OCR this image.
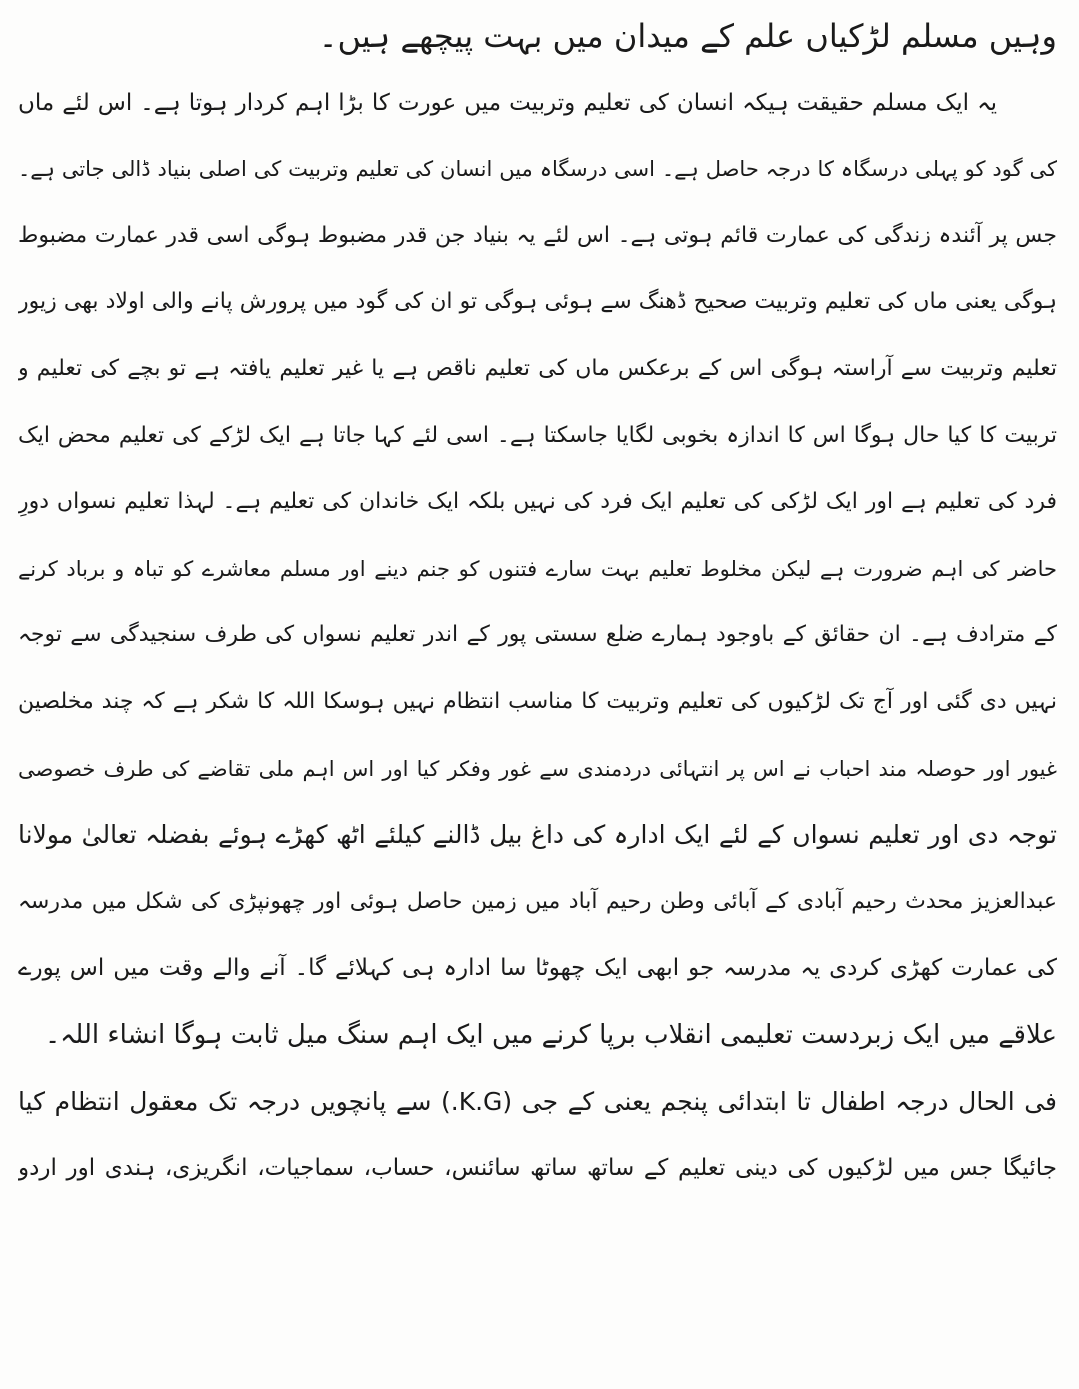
وہیں مسلم لڑکیاں علم کے میدان میں بہت پیچھے ہیں۔
یہ ایک مسلم حقیقت ہیکہ انسان کی تعلیم وتربیت میں عورت کا بڑا اہم کردار ہوتا ہے۔ اس لئے ماں
کی گود کو پہلی درسگاہ کا درجہ حاصل ہے۔ اسی درسگاہ میں انسان کی تعلیم وتربیت کی اصلی بنیاد ڈالی جاتی ہے۔
جس پر آئندہ زندگی کی عمارت قائم ہوتی ہے۔ اس لئے یہ بنیاد جن قدر مضبوط ہوگی اسی قدر عمارت مضبوط
ہوگی یعنی ماں کی تعلیم وتربیت صحیح ڈھنگ سے ہوئی ہوگی تو ان کی گود میں پرورش پانے والی اولاد بھی زیور
تعلیم وتربیت سے آراستہ ہوگی اس کے برعکس ماں کی تعلیم ناقص ہے یا غیر تعلیم یافتہ ہے تو بچے کی تعلیم و
تربیت کا کیا حال ہوگا اس کا اندازہ بخوبی لگایا جاسکتا ہے۔ اسی لئے کہا جاتا ہے ایک لڑکے کی تعلیم محض ایک
فرد کی تعلیم ہے اور ایک لڑکی کی تعلیم ایک فرد کی نہیں بلکہ ایک خاندان کی تعلیم ہے۔ لہذا تعلیم نسواں دورِ
حاضر کی اہم ضرورت ہے لیکن مخلوط تعلیم بہت سارے فتنوں کو جنم دینے اور مسلم معاشرے کو تباہ و برباد کرنے
کے مترادف ہے۔ ان حقائق کے باوجود ہمارے ضلع سستی پور کے اندر تعلیم نسواں کی طرف سنجیدگی سے توجہ
نہیں دی گئی اور آج تک لڑکیوں کی تعلیم وتربیت کا مناسب انتظام نہیں ہوسکا اللہ کا شکر ہے کہ چند مخلصین
غیور اور حوصلہ مند احباب نے اس پر انتہائی دردمندی سے غور وفکر کیا اور اس اہم ملی تقاضے کی طرف خصوصی
توجہ دی اور تعلیم نسواں کے لئے ایک ادارہ کی داغ بیل ڈالنے کیلئے اٹھ کھڑے ہوئے بفضلہ تعالیٰ مولانا
عبدالعزیز محدث رحیم آبادی کے آبائی وطن رحیم آباد میں زمین حاصل ہوئی اور چھونپڑی کی شکل میں مدرسہ
کی عمارت کھڑی کردی یہ مدرسہ جو ابھی ایک چھوٹا سا ادارہ ہی کہلائے گا۔ آنے والے وقت میں اس پورے
علاقے میں ایک زبردست تعلیمی انقلاب برپا کرنے میں ایک اہم سنگ میل ثابت ہوگا انشاء اللہ۔
فی الحال درجہ اطفال تا ابتدائی پنجم یعنی کے جی (K.G.) سے پانچویں درجہ تک معقول انتظام کیا
جائیگا جس میں لڑکیوں کی دینی تعلیم کے ساتھ ساتھ سائنس، حساب، سماجیات، انگریزی، ہندی اور اردو
